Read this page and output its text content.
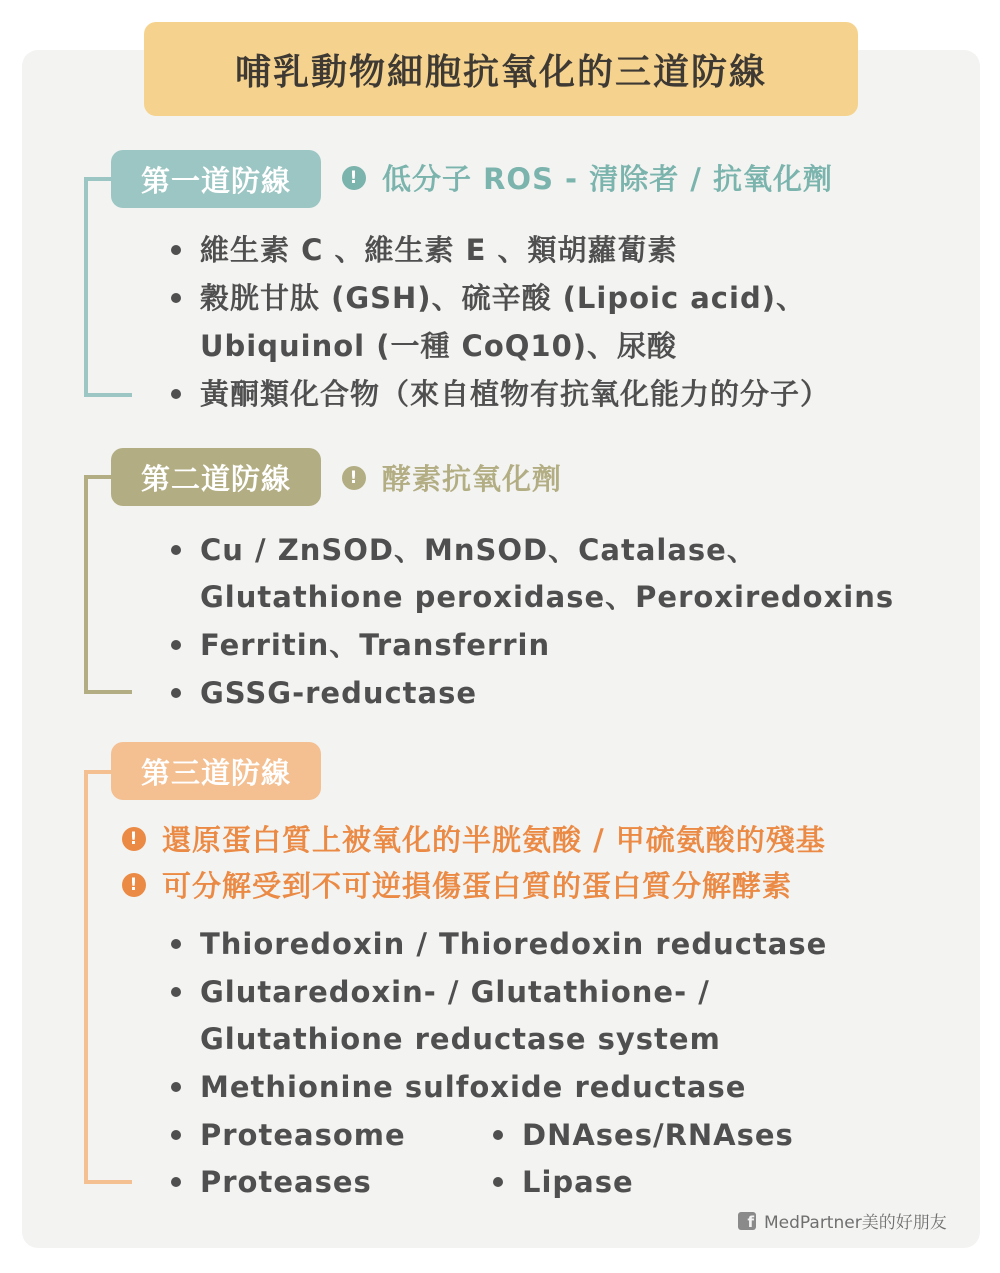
哺乳動物細胞抗氧化的三道防線
第一道防線	! 低分子 ROS - 清除者 / 抗氧化劑
維生素 C 、維生素 E 、類胡蘿蔔素
穀胱甘肽 (GSH)、硫辛酸 (Lipoic acid)、
Ubiquinol (一種 CoQ10)、尿酸
黃酮類化合物（來自植物有抗氧化能力的分子）
第二道防線	! 酵素抗氧化劑
Cu / ZnSOD、MnSOD、Catalase、
Glutathione peroxidase、Peroxiredoxins
Ferritin、Transferrin
GSSG-reductase
第三道防線
! 還原蛋白質上被氧化的半胱氨酸 / 甲硫氨酸的殘基
! 可分解受到不可逆損傷蛋白質的蛋白質分解酵素
Thioredoxin / Thioredoxin reductase
Glutaredoxin- / Glutathione- /
Glutathione reductase system
Methionine sulfoxide reductase
Proteasome
Proteases
DNAses/RNAses
Lipase
f MedPartner美的好朋友
